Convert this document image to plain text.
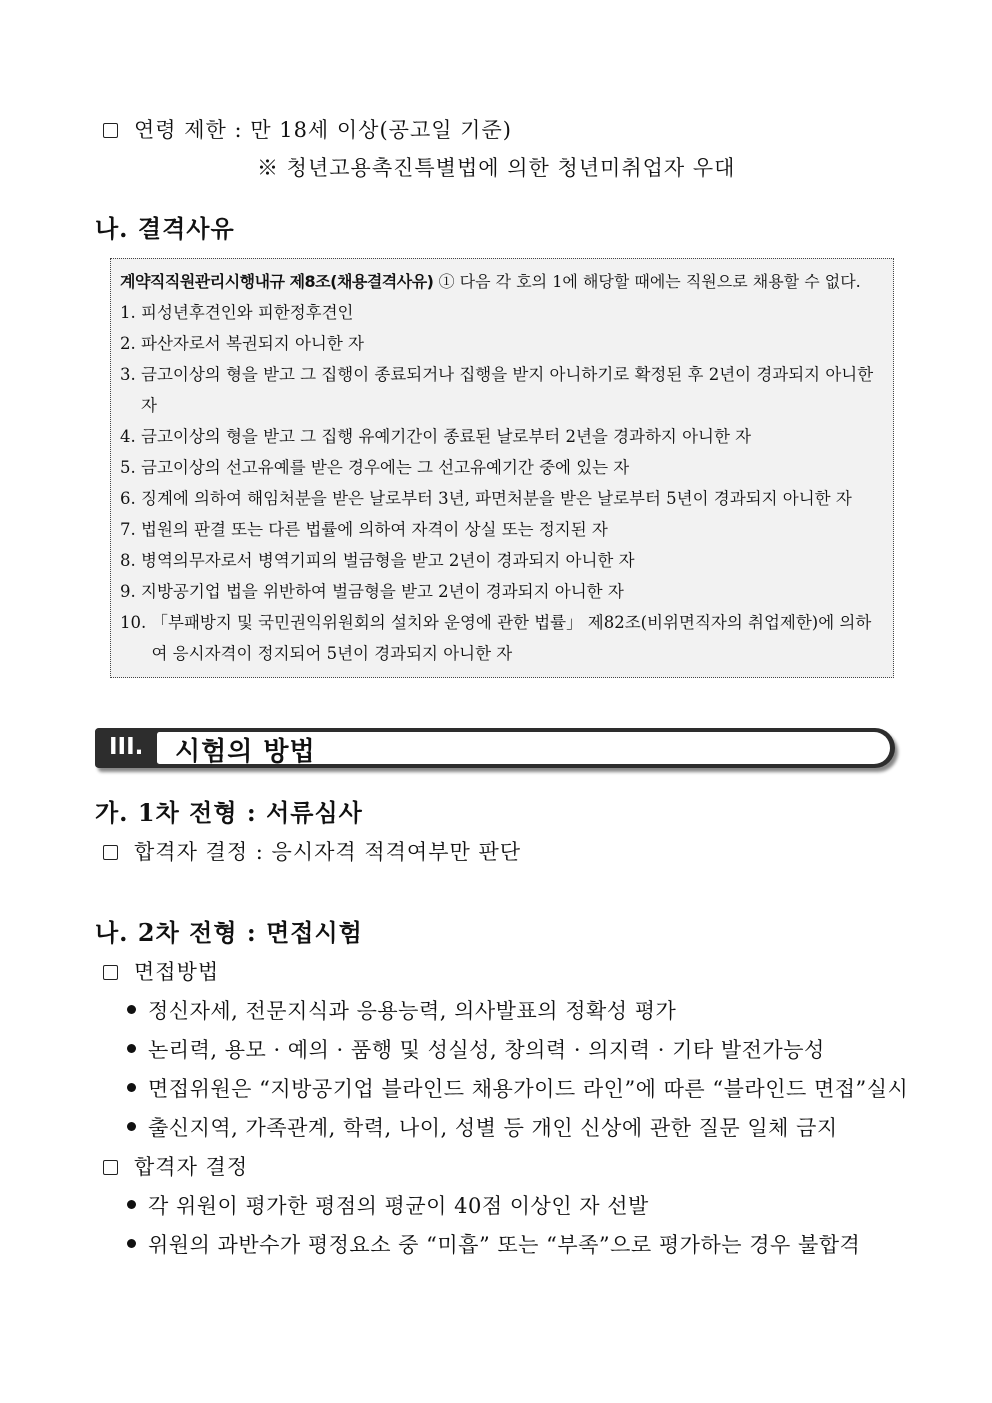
연령 제한 : 만 18세 이상(공고일 기준)
※ 청년고용촉진특별법에 의한 청년미취업자 우대
나. 결격사유
계약직직원관리시행내규 제8조(채용결격사유) ① 다음 각 호의 1에 해당할 때에는 직원으로 채용할 수 없다.
1. 피성년후견인와 피한정후견인
2. 파산자로서 복권되지 아니한 자
3. 금고이상의 형을 받고 그 집행이 종료되거나 집행을 받지 아니하기로 확정된 후 2년이 경과되지 아니한 자
4. 금고이상의 형을 받고 그 집행 유예기간이 종료된 날로부터 2년을 경과하지 아니한 자
5. 금고이상의 선고유예를 받은 경우에는 그 선고유예기간 중에 있는 자
6. 징계에 의하여 해임처분을 받은 날로부터 3년, 파면처분을 받은 날로부터 5년이 경과되지 아니한 자
7. 법원의 판결 또는 다른 법률에 의하여 자격이 상실 또는 정지된 자
8. 병역의무자로서 병역기피의 벌금형을 받고 2년이 경과되지 아니한 자
9. 지방공기업 법을 위반하여 벌금형을 받고 2년이 경과되지 아니한 자
10. 「부패방지 및 국민권익위원회의 설치와 운영에 관한 법률」 제82조(비위면직자의 취업제한)에 의하여 응시자격이 정지되어 5년이 경과되지 아니한 자
III. 시험의 방법
가. 1차 전형 : 서류심사
합격자 결정 : 응시자격 적격여부만 판단
나. 2차 전형 : 면접시험
면접방법
정신자세, 전문지식과 응용능력, 의사발표의 정확성 평가
논리력, 용모 · 예의 · 품행 및 성실성, 창의력 · 의지력 · 기타 발전가능성
면접위원은 “지방공기업 블라인드 채용가이드 라인”에 따른 “블라인드 면접”실시
출신지역, 가족관계, 학력, 나이, 성별 등 개인 신상에 관한 질문 일체 금지
합격자 결정
각 위원이 평가한 평점의 평균이 40점 이상인 자 선발
위원의 과반수가 평정요소 중 “미흡” 또는 “부족”으로 평가하는 경우 불합격
